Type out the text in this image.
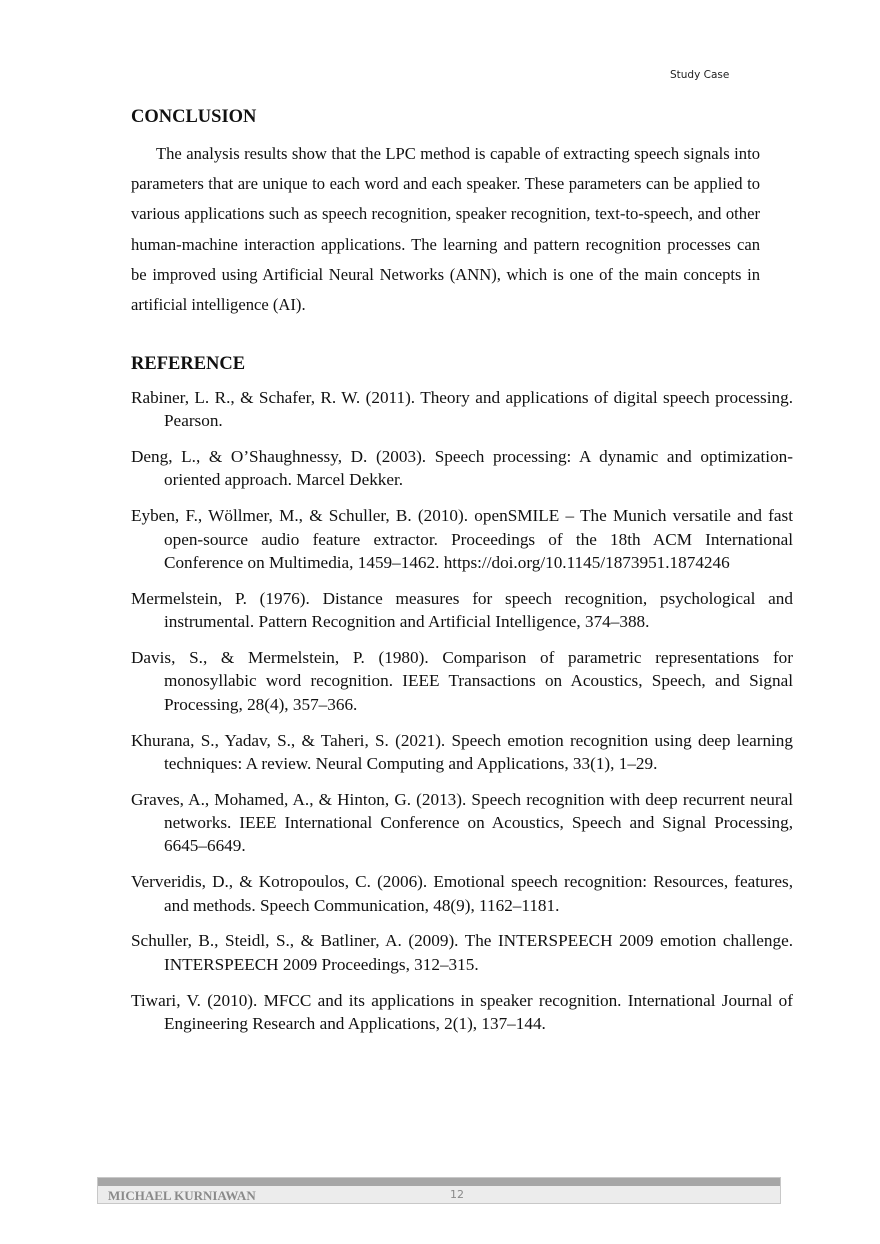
Study Case
CONCLUSION

The analysis results show that the LPC method is capable of extracting speech signals into parameters that are unique to each word and each speaker. These parameters can be applied to various applications such as speech recognition, speaker recognition, text-to-speech, and other human-machine interaction applications. The learning and pattern recognition processes can be improved using Artificial Neural Networks (ANN), which is one of the main concepts in artificial intelligence (AI).

REFERENCE
Rabiner, L. R., & Schafer, R. W. (2011). Theory and applications of digital speech processing. Pearson.
Deng, L., & O’Shaughnessy, D. (2003). Speech processing: A dynamic and optimization-oriented approach. Marcel Dekker.
Eyben, F., Wöllmer, M., & Schuller, B. (2010). openSMILE – The Munich versatile and fast open-source audio feature extractor. Proceedings of the 18th ACM International Conference on Multimedia, 1459–1462. https://doi.org/10.1145/1873951.1874246
Mermelstein, P. (1976). Distance measures for speech recognition, psychological and instrumental. Pattern Recognition and Artificial Intelligence, 374–388.
Davis, S., & Mermelstein, P. (1980). Comparison of parametric representations for monosyllabic word recognition. IEEE Transactions on Acoustics, Speech, and Signal Processing, 28(4), 357–366.
Khurana, S., Yadav, S., & Taheri, S. (2021). Speech emotion recognition using deep learning techniques: A review. Neural Computing and Applications, 33(1), 1–29.
Graves, A., Mohamed, A., & Hinton, G. (2013). Speech recognition with deep recurrent neural networks. IEEE International Conference on Acoustics, Speech and Signal Processing, 6645–6649.
Ververidis, D., & Kotropoulos, C. (2006). Emotional speech recognition: Resources, features, and methods. Speech Communication, 48(9), 1162–1181.
Schuller, B., Steidl, S., & Batliner, A. (2009). The INTERSPEECH 2009 emotion challenge. INTERSPEECH 2009 Proceedings, 312–315.
Tiwari, V. (2010). MFCC and its applications in speaker recognition. International Journal of Engineering Research and Applications, 2(1), 137–144.
MICHAEL KURNIAWAN	12
